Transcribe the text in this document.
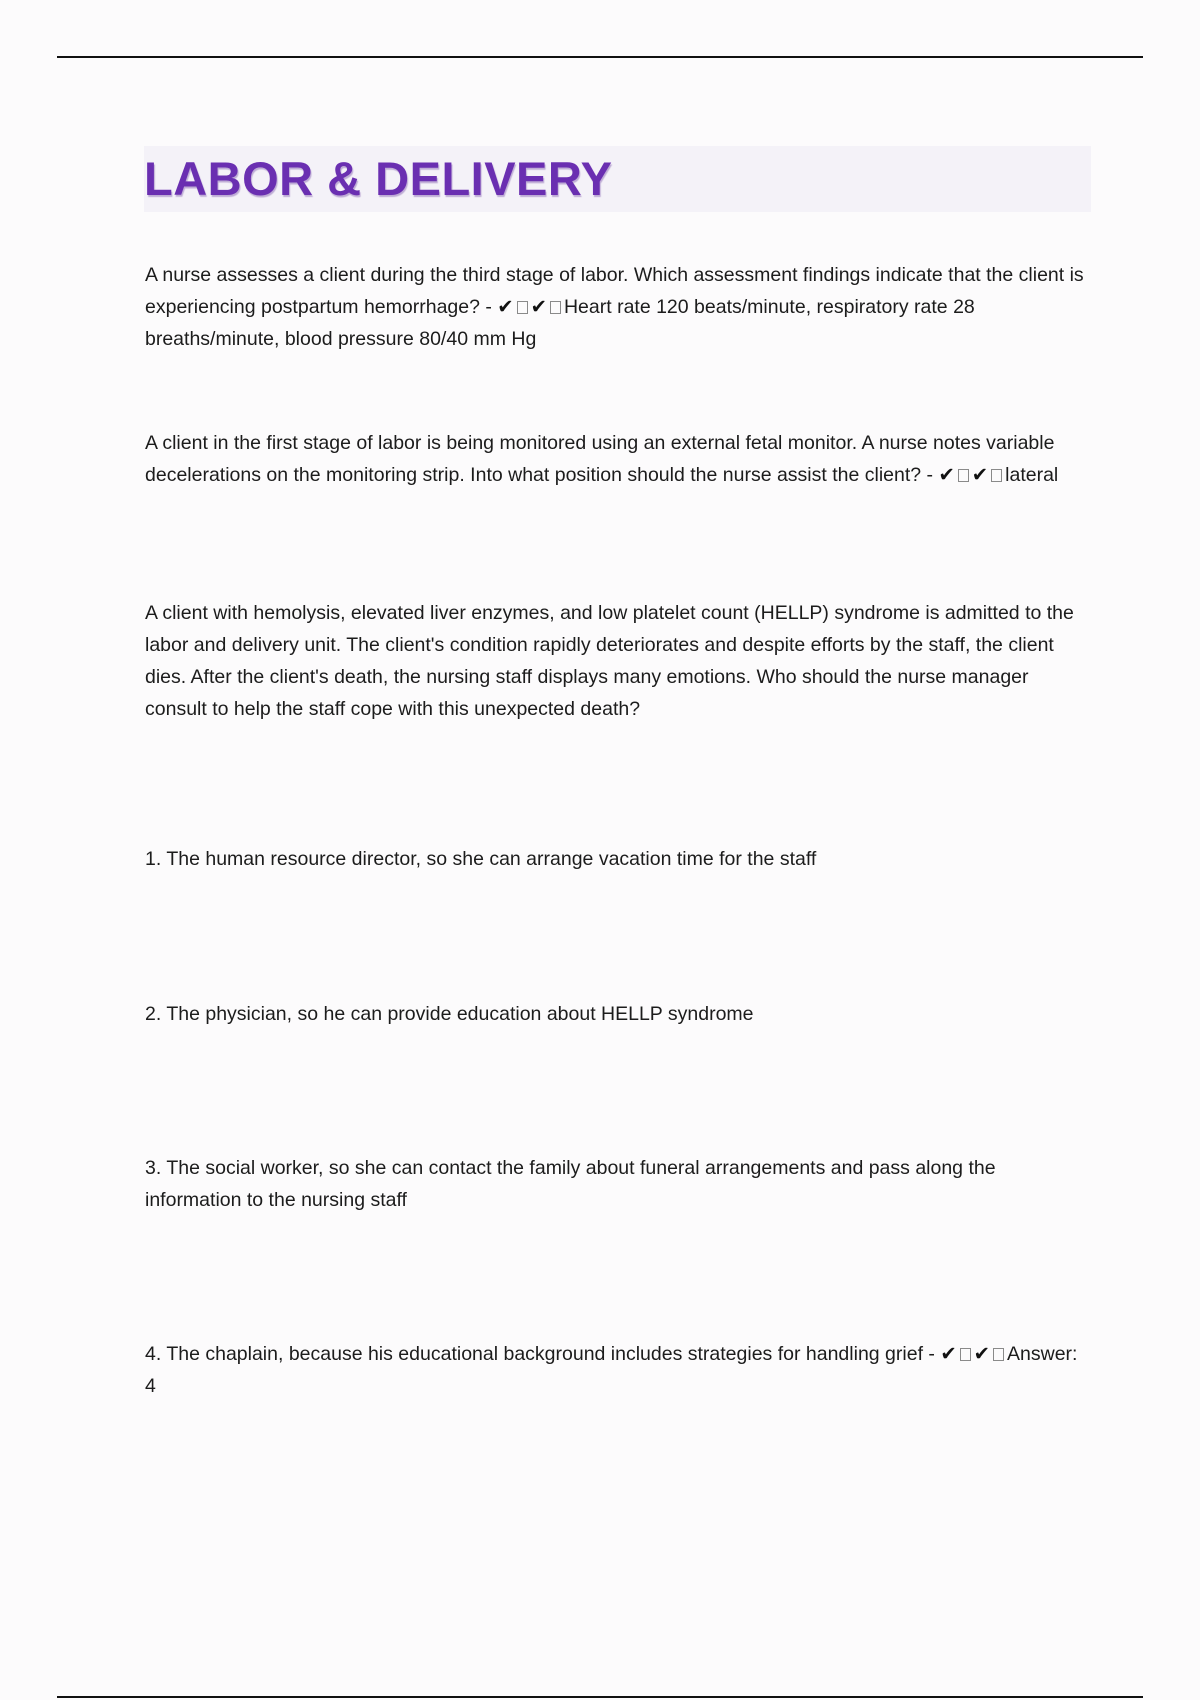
LABOR & DELIVERY

A nurse assesses a client during the third stage of labor. Which assessment findings indicate that the client is experiencing postpartum hemorrhage? - ✔ ✔ Heart rate 120 beats/minute, respiratory rate 28 breaths/minute, blood pressure 80/40 mm Hg

A client in the first stage of labor is being monitored using an external fetal monitor. A nurse notes variable decelerations on the monitoring strip. Into what position should the nurse assist the client? - ✔ ✔ lateral

A client with hemolysis, elevated liver enzymes, and low platelet count (HELLP) syndrome is admitted to the labor and delivery unit. The client's condition rapidly deteriorates and despite efforts by the staff, the client dies. After the client's death, the nursing staff displays many emotions. Who should the nurse manager consult to help the staff cope with this unexpected death?

1. The human resource director, so she can arrange vacation time for the staff

2. The physician, so he can provide education about HELLP syndrome

3. The social worker, so she can contact the family about funeral arrangements and pass along the information to the nursing staff

4. The chaplain, because his educational background includes strategies for handling grief - ✔ ✔ Answer: 4
